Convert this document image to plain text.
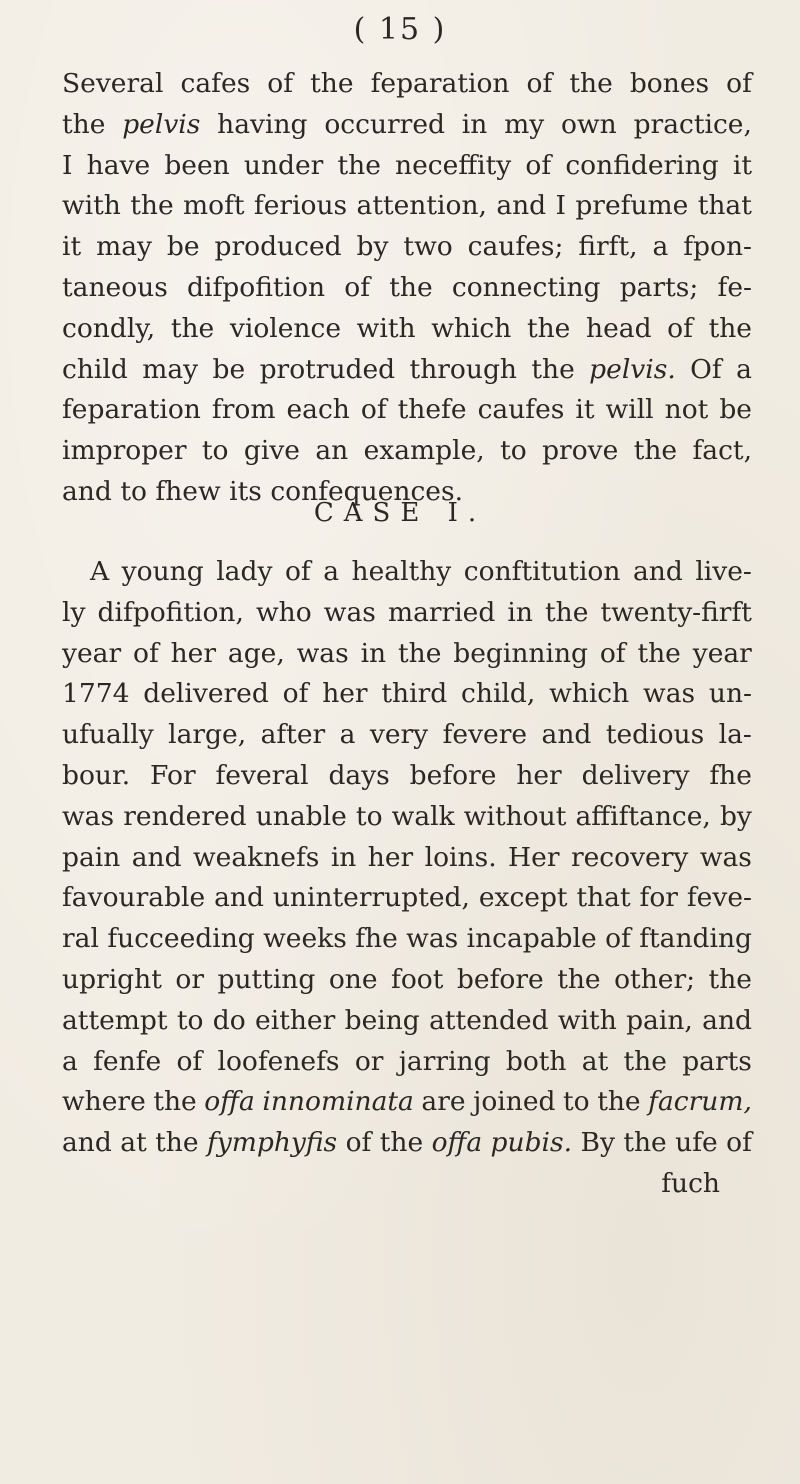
( 15 )
Several cafes of the feparation of the bones of
the pelvis having occurred in my own practice,
I have been under the neceffity of confidering it
with the moft ferious attention, and I prefume that
it may be produced by two caufes; firft, a fpon-
taneous difpofition of the connecting parts; fe-
condly, the violence with which the head of the
child may be protruded through the pelvis. Of a
feparation from each of thefe caufes it will not be
improper to give an example, to prove the fact,
and to fhew its confequences.
CASE I.
A young lady of a healthy conftitution and live-
ly difpofition, who was married in the twenty-firft
year of her age, was in the beginning of the year
1774 delivered of her third child, which was un-
ufually large, after a very fevere and tedious la-
bour. For feveral days before her delivery fhe
was rendered unable to walk without affiftance, by
pain and weaknefs in her loins. Her recovery was
favourable and uninterrupted, except that for feve-
ral fucceeding weeks fhe was incapable of ftanding
upright or putting one foot before the other; the
attempt to do either being attended with pain, and
a fenfe of loofenefs or jarring both at the parts
where the offa innominata are joined to the facrum,
and at the fymphyfis of the offa pubis. By the ufe of
fuch
